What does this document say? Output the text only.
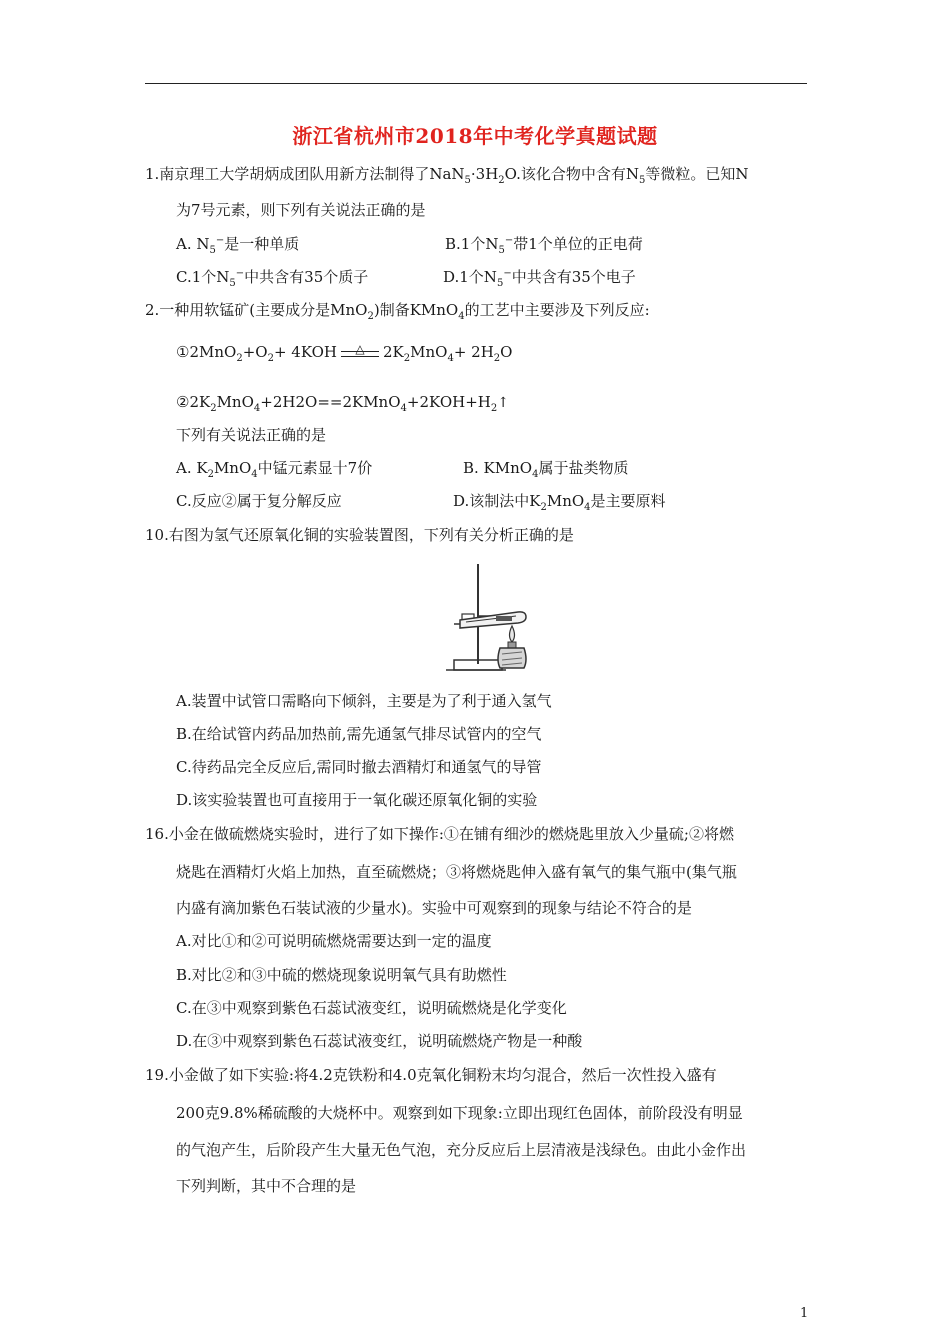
浙江省杭州市2018年中考化学真题试题
1.南京理工大学胡炳成团队用新方法制得了$NaN_5\cdot 3H_2O$.该化合物中含有$N_5$等微粒。已知N
为7号元素，则下列有关说法正确的是
A. $N_5^-$是一种单质	B.1个$N_5^-$带1个单位的正电荷
C.1个$N_5^-$中共含有35个质子	D.1个$N_5^-$中共含有35个电子
2.一种用软锰矿(主要成分是MnO$_2$)制备KMnO$_4$的工艺中主要涉及下列反应:
$①2MnO_2+O_2+ 4KOH$	△	$2K_2MnO_4+ 2H_2O$
$②2K_2MnO_4+2H2O==2KMnO_4+2KOH+H_2↑$
下列有关说法正确的是
A. $K_2MnO_4$中锰元素显十7价	B. KMnO$_4$属于盐类物质
C.反应②属于复分解反应	D.该制法中$K_2MnO_4$是主要原料
10.右图为氢气还原氧化铜的实验装置图，下列有关分析正确的是
A.装置中试管口需略向下倾斜，主要是为了利于通入氢气
B.在给试管内药品加热前,需先通氢气排尽试管内的空气
C.待药品完全反应后,需同时撤去酒精灯和通氢气的导管
D.该实验装置也可直接用于一氧化碳还原氧化铜的实验
16.小金在做硫燃烧实验时，进行了如下操作:①在铺有细沙的燃烧匙里放入少量硫;②将燃
烧匙在酒精灯火焰上加热，直至硫燃烧；③将燃烧匙伸入盛有氧气的集气瓶中(集气瓶
内盛有滴加紫色石装试液的少量水)。实验中可观察到的现象与结论不符合的是
A.对比①和②可说明硫燃烧需要达到一定的温度
B.对比②和③中硫的燃烧现象说明氧气具有助燃性
C.在③中观察到紫色石蕊试液变红，说明硫燃烧是化学变化
D.在③中观察到紫色石蕊试液变红，说明硫燃烧产物是一种酸
19.小金做了如下实验:将4.2克铁粉和4.0克氧化铜粉末均匀混合，然后一次性投入盛有
200克9.8%稀硫酸的大烧杯中。观察到如下现象:立即出现红色固体，前阶段没有明显
的气泡产生，后阶段产生大量无色气泡，充分反应后上层清液是浅绿色。由此小金作出
下列判断，其中不合理的是
1
